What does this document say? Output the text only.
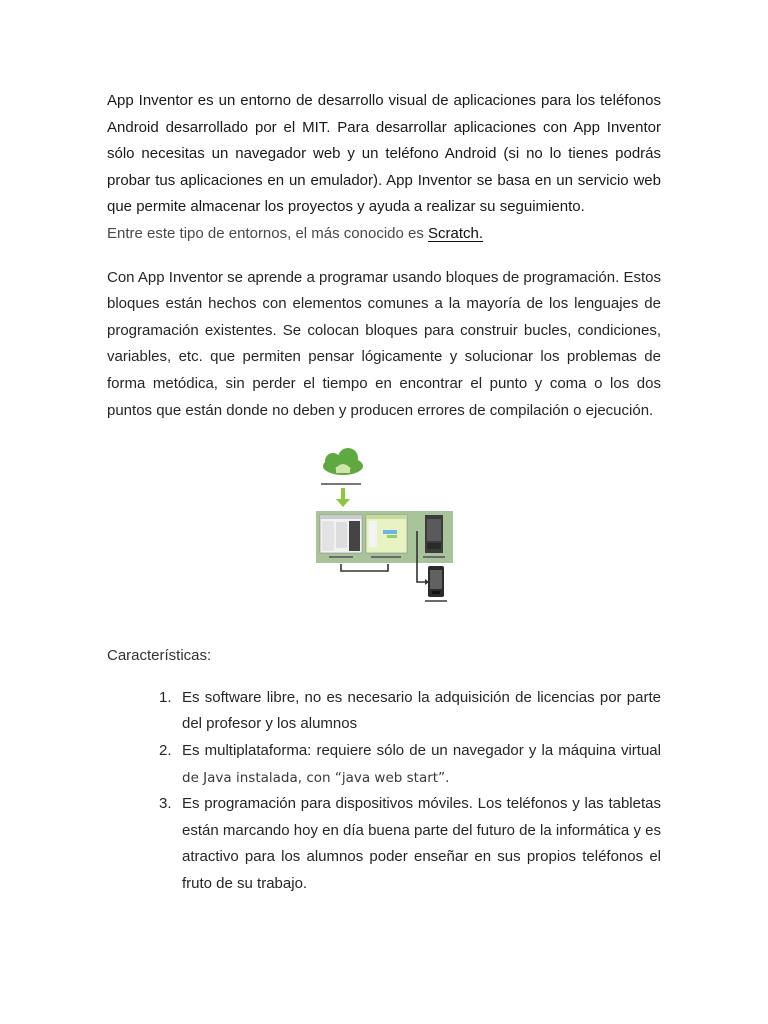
App Inventor es un entorno de desarrollo visual de aplicaciones para los teléfonos Android desarrollado por el MIT. Para desarrollar aplicaciones con App Inventor sólo necesitas un navegador web y un teléfono Android (si no lo tienes podrás probar tus aplicaciones en un emulador). App Inventor se basa en un servicio web que permite almacenar los proyectos y ayuda a realizar su seguimiento.

Entre este tipo de entornos, el más conocido es Scratch.

Con App Inventor se aprende a programar usando bloques de programación. Estos bloques están hechos con elementos comunes a la mayoría de los lenguajes de programación existentes. Se colocan bloques para construir bucles, condiciones, variables, etc. que permiten pensar lógicamente y solucionar los problemas de forma metódica, sin perder el tiempo en encontrar el punto y coma o los dos puntos que están donde no deben y producen errores de compilación o ejecución.

Características:
1. Es software libre, no es necesario la adquisición de licencias por parte del profesor y los alumnos
2. Es multiplataforma: requiere sólo de un navegador y la máquina virtual de Java instalada, con “java web start”.
3. Es programación para dispositivos móviles. Los teléfonos y las tabletas están marcando hoy en día buena parte del futuro de la informática y es atractivo para los alumnos poder enseñar en sus propios teléfonos el fruto de su trabajo.
